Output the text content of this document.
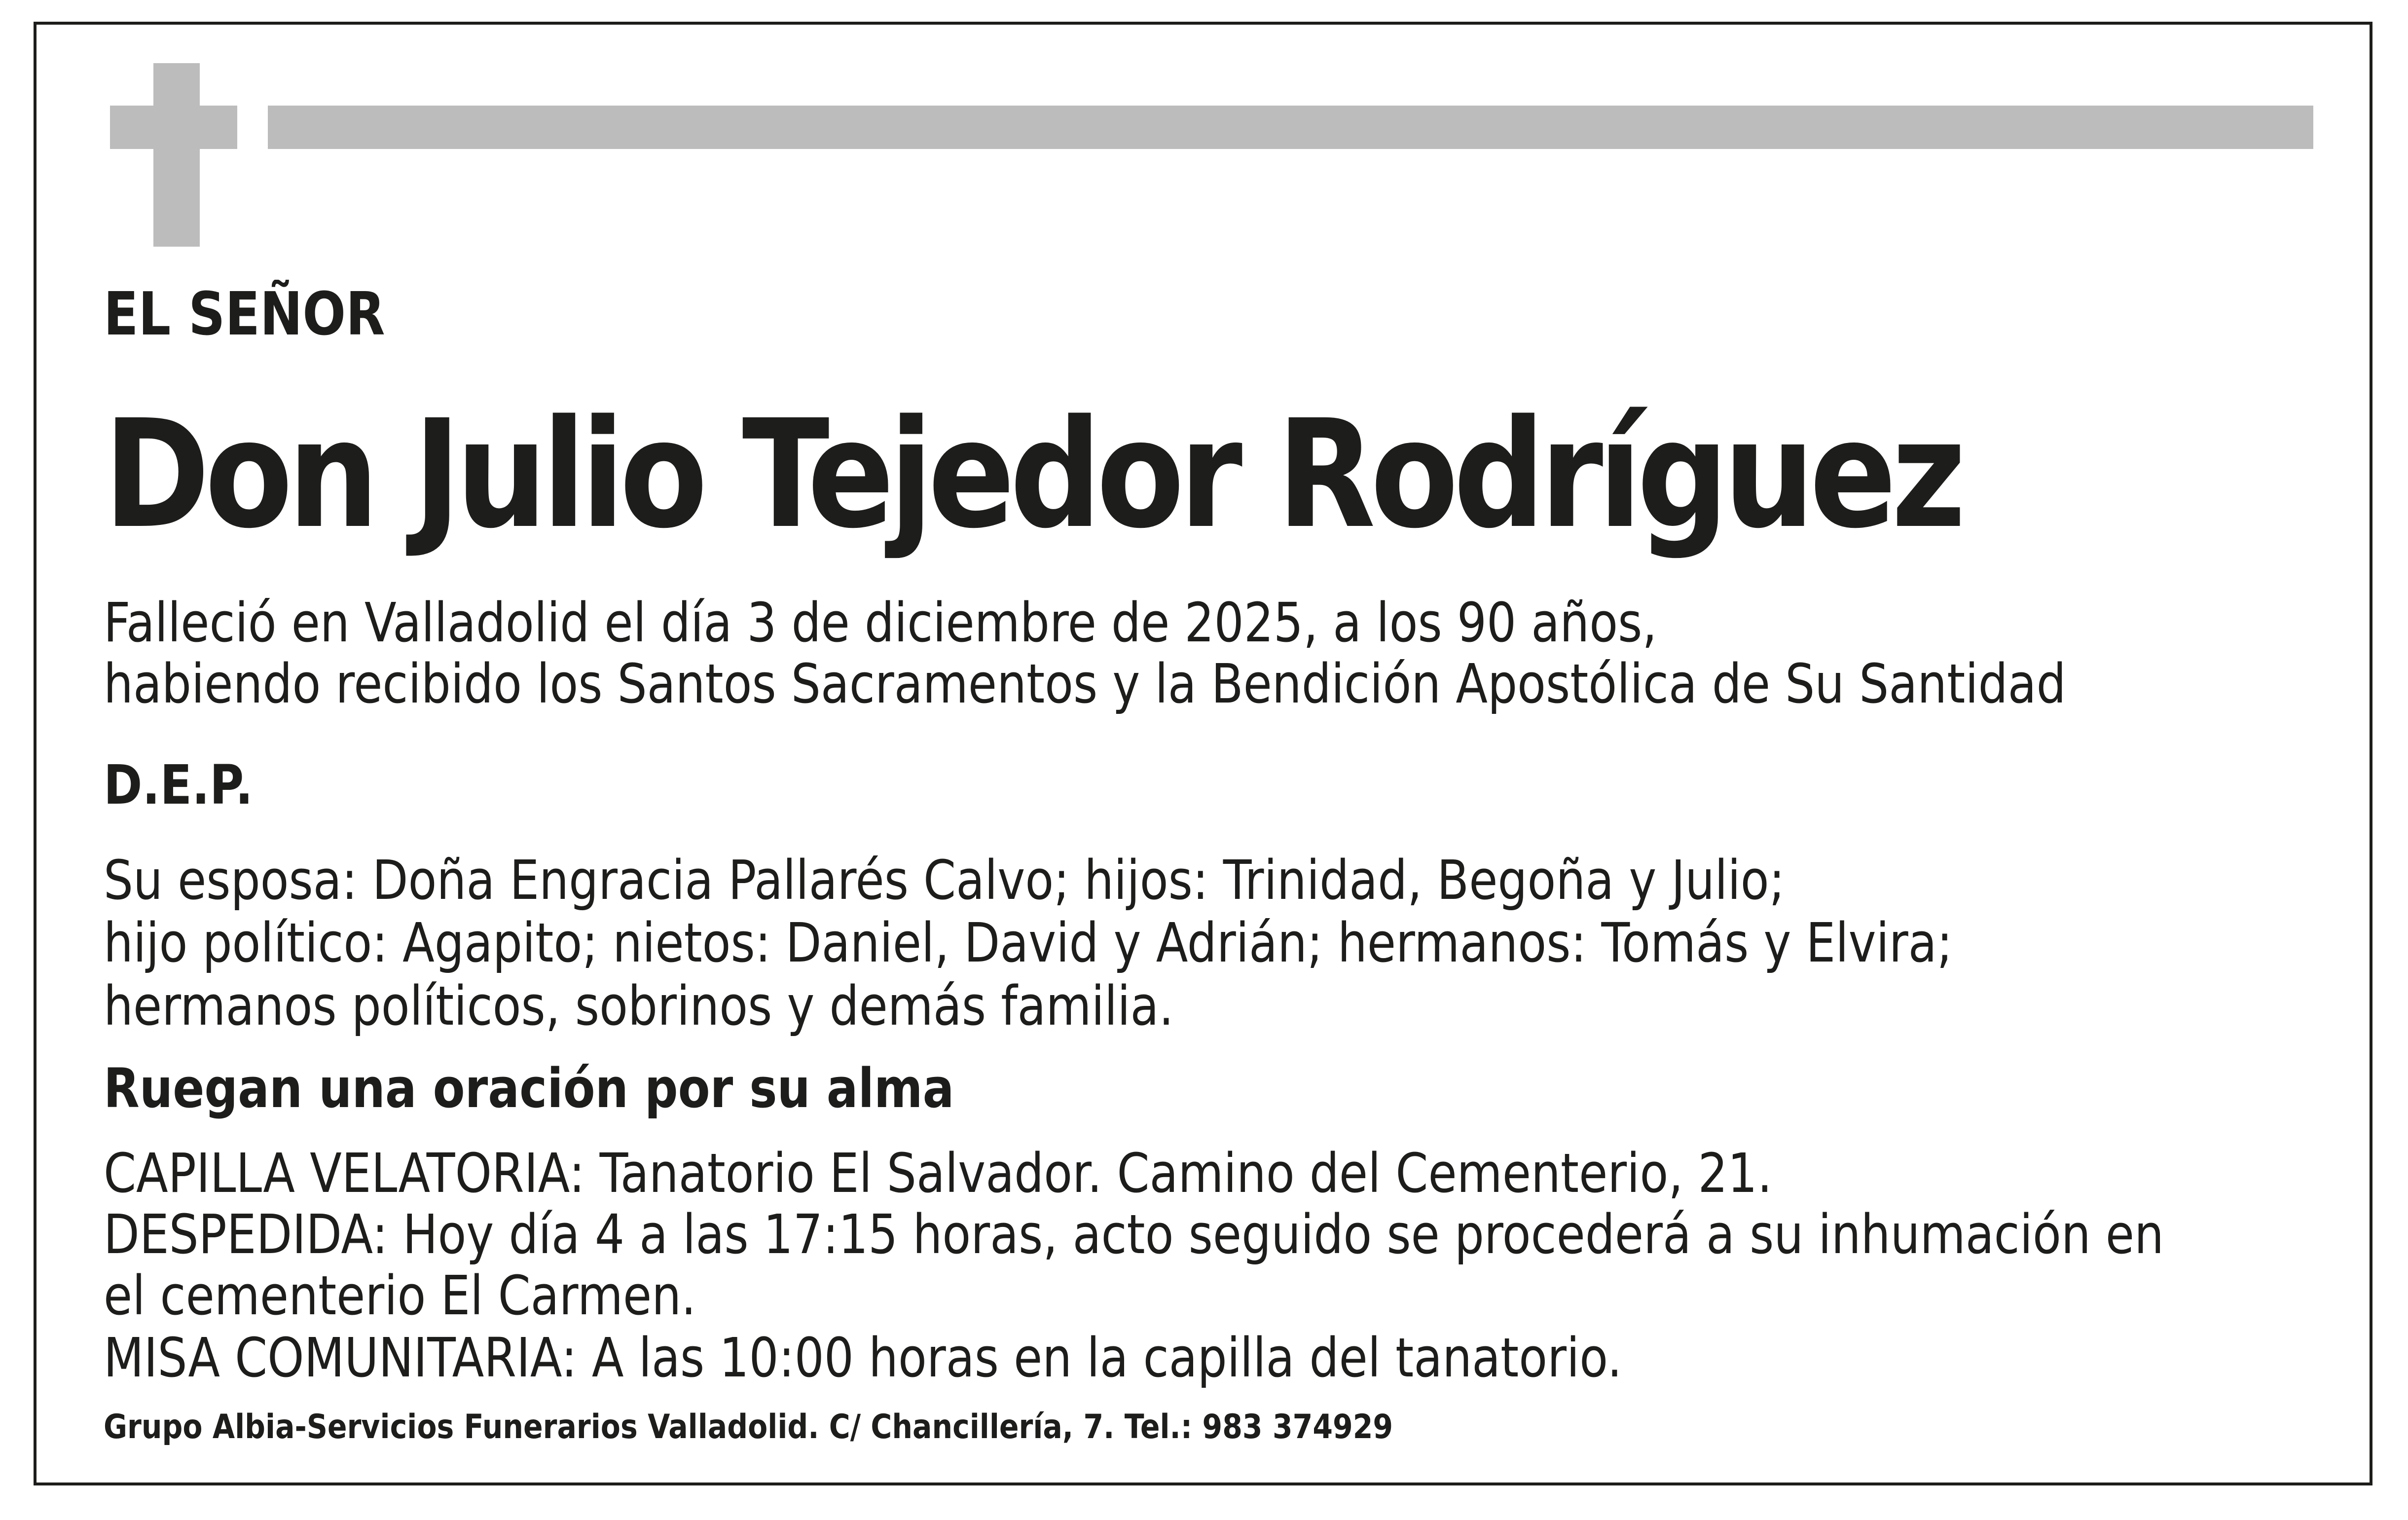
EL SEÑOR

Don Julio Tejedor Rodríguez

Falleció en Valladolid el día 3 de diciembre de 2025, a los 90 años,

habiendo recibido los Santos Sacramentos y la Bendición Apostólica de Su Santidad

D.E.P.

Su esposa: Doña Engracia Pallarés Calvo; hijos: Trinidad, Begoña y Julio;

hijo político: Agapito; nietos: Daniel, David y Adrián; hermanos: Tomás y Elvira;

hermanos políticos, sobrinos y demás familia.

Ruegan una oración por su alma

CAPILLA VELATORIA: Tanatorio El Salvador. Camino del Cementerio, 21.

DESPEDIDA: Hoy día 4 a las 17:15 horas, acto seguido se procederá a su inhumación en

el cementerio El Carmen.

MISA COMUNITARIA: A las 10:00 horas en la capilla del tanatorio.

Grupo Albia-Servicios Funerarios Valladolid. C/ Chancillería, 7. Tel.: 983 374929
